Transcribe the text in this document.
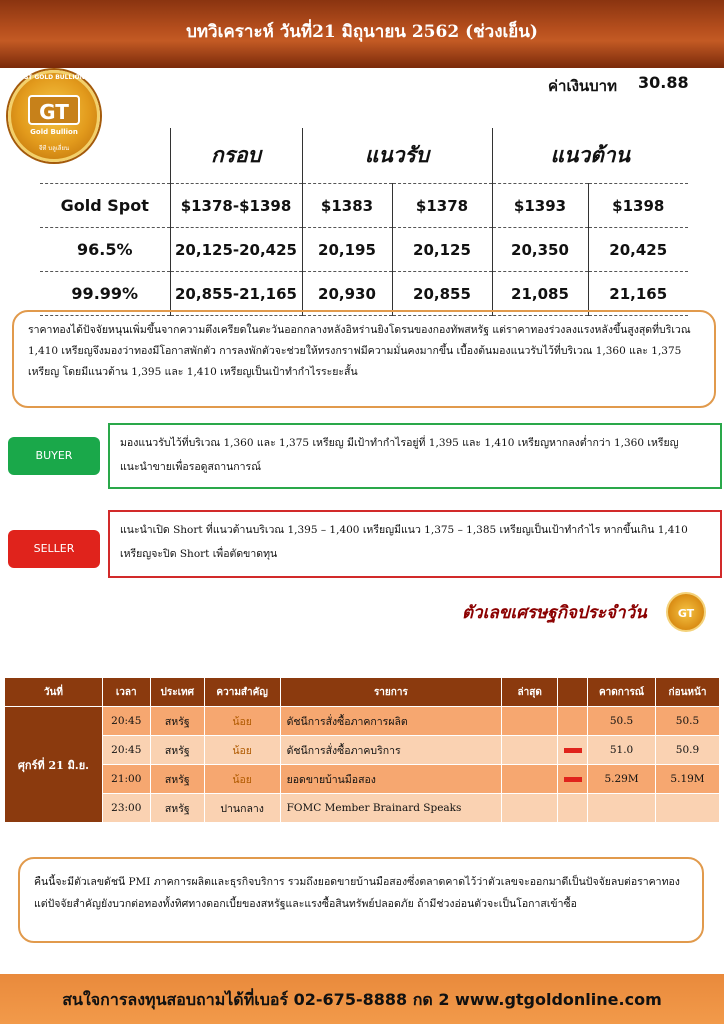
บทวิเคราะห์ วันที่21 มิถุนายน 2562 (ช่วงเย็น)
GT GOLD BULLION
GT
Gold Bullion
จีที บลูเลี่ยน
ค่าเงินบาท 30.88
	กรอบ	แนวรับ		แนวต้าน	
Gold Spot	$1378-$1398	$1383	$1378	$1393	$1398
96.5%	20,125-20,425	20,195	20,125	20,350	20,425
99.99%	20,855-21,165	20,930	20,855	21,085	21,165
ราคาทองได้ปัจจัยหนุนเพิ่มขึ้นจากความตึงเครียดในตะวันออกกลางหลังอิหร่านยิงโดรนของกองทัพสหรัฐ แต่ราคาทองร่วงลงแรงหลังขึ้นสูงสุดที่บริเวณ 1,410 เหรียญจึงมองว่าทองมีโอกาสพักตัว การลงพักตัวจะช่วยให้ทรงกราฟมีความมั่นคงมากขึ้น เบื้องต้นมองแนวรับไว้ที่บริเวณ 1,360 และ 1,375 เหรียญ โดยมีแนวต้าน 1,395 และ 1,410 เหรียญเป็นเป้าทำกำไรระยะสั้น
BUYER
มองแนวรับไว้ที่บริเวณ 1,360 และ 1,375 เหรียญ มีเป้าทำกำไรอยู่ที่ 1,395 และ 1,410 เหรียญหากลงต่ำกว่า 1,360 เหรียญ แนะนำขายเพื่อรอดูสถานการณ์
SELLER
แนะนำเปิด Short ที่แนวต้านบริเวณ 1,395 – 1,400 เหรียญมีแนว 1,375 – 1,385 เหรียญเป็นเป้าทำกำไร หากขึ้นเกิน 1,410 เหรียญจะปิด Short เพื่อตัดขาดทุน
ตัวเลขเศรษฐกิจประจำวัน	GT
วันที่	เวลา	ประเทศ	ความสำคัญ	รายการ	ล่าสุด		คาดการณ์	ก่อนหน้า
ศุกร์ที่ 21 มิ.ย.	20:45	สหรัฐ	น้อย	ดัชนีการสั่งซื้อภาคการผลิต			50.5	50.5
	20:45	สหรัฐ	น้อย	ดัชนีการสั่งซื้อภาคบริการ			51.0	50.9
	21:00	สหรัฐ	น้อย	ยอดขายบ้านมือสอง			5.29M	5.19M
	23:00	สหรัฐ	ปานกลาง	FOMC Member Brainard Speaks				
คืนนี้จะมีตัวเลขดัชนี PMI ภาคการผลิตและธุรกิจบริการ รวมถึงยอดขายบ้านมือสองซึ่งตลาดคาดไว้ว่าตัวเลขจะออกมาดีเป็นปัจจัยลบต่อราคาทอง แต่ปัจจัยสำคัญยังบวกต่อทองทั้งทิศทางดอกเบี้ยของสหรัฐและแรงซื้อสินทรัพย์ปลอดภัย ถ้ามีช่วงอ่อนตัวจะเป็นโอกาสเข้าซื้อ
สนใจการลงทุนสอบถามได้ที่เบอร์ 02-675-8888 กด 2 www.gtgoldonline.com
